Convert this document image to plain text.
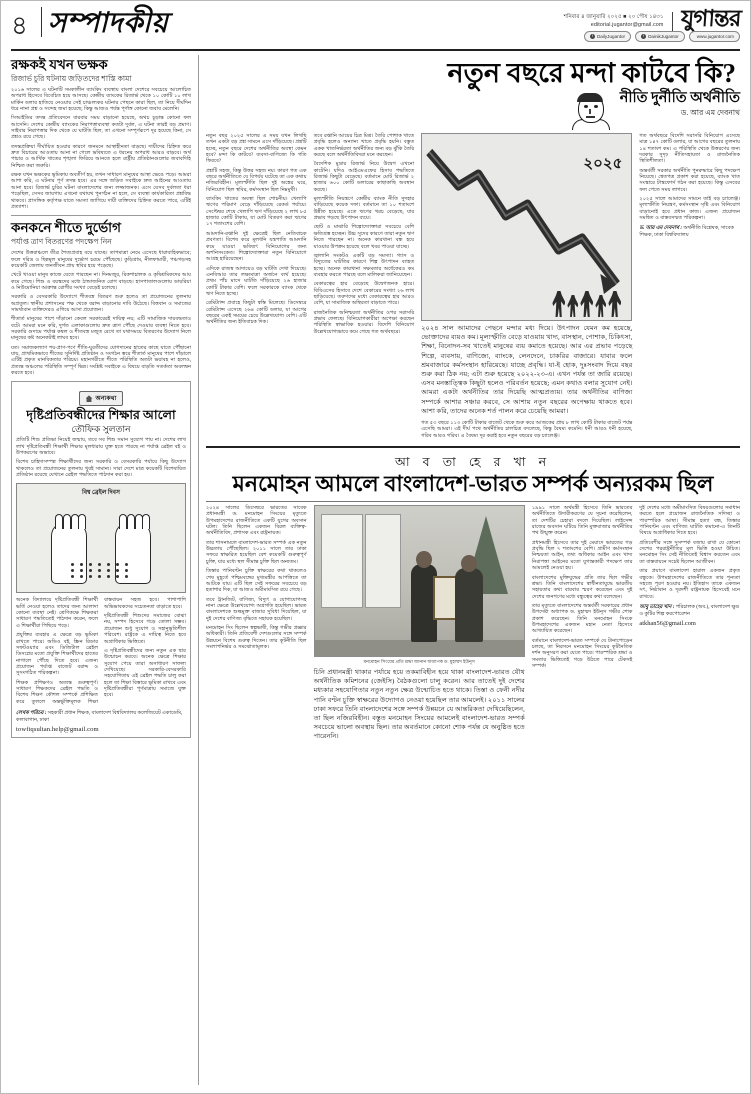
৪ সম্পাদকীয়	শনিবার ৪ জানুয়ারি ২০২৫ ■ ২০ পৌষ ১৪৩১
editorial.jugantor@gmail.com যুগান্তর
f DailyJugantor	f DainikJugantor	www.jugantor.com
রক্ষকই যখন ভক্ষক
রিজার্ভ চুরি ঘটনায় জড়িতদের শাস্তি কামা

২০১৬ সালের এ ঘটনাটি সমকালীন ব্যাংকিং ব্যবস্থায় বাংলা দেশেরে সবচেয়ে আলোচিত অপরাধ হিসেবে বিবেচিত হয়ে আসছে। কেন্দ্রীয় ব্যাংকের রিজার্ভ থেকে ১০ কোটি ১০ লাখ মার্কিন ডলার হাতিয়ে নেওয়ার সেই চাঞ্চল্যকর ঘটনার পেছনে কারা ছিল, তা নিয়ে দীর্ঘদিন ধরে নানা প্রশ্ন ও সন্দেহ জমা হয়েছে; কিন্তু আজও পর্যন্ত পূর্ণাঙ্গ কোনো জবাব মেলেনি।

সিআইডির তদন্ত প্রতিবেদনে বারবার সময় বাড়ানো হয়েছে, অথচ চূড়ান্ত কোনো ফল আসেনি। দেশের কেন্দ্রীয় ব্যাংকের নিরাপত্তাব্যবস্থা কতটা দুর্বল, এ ঘটনা তারই বড় প্রমাণ। সাইবার নিরাপত্তার দিক থেকে যে ঘাটতি ছিল, তা এখনো সম্পূর্ণরূপে দূর হয়েছে কিনা, সে প্রশ্নও রয়ে গেছে।

তদন্তপ্রক্রিয়া দীর্ঘায়িত হওয়ার কারণে জনমনে আস্থাহীনতা বাড়ছে। দায়ীদের চিহ্নিত করে দ্রুত বিচারের আওতায় আনা না গেলে ভবিষ্যতে এ ধরনের অপরাধ আরও বাড়বে। অর্থ পাচার ও আর্থিক খাতের শৃঙ্খলা ফিরিয়ে আনতে হলে রাষ্ট্রীয় প্রতিষ্ঠানগুলোর জবাবদিহি নিশ্চিত করা জরুরি।

রক্ষক যখন ভক্ষকের ভূমিকায় অবতীর্ণ হয়, তখন সাধারণ মানুষের আস্থা ভেঙে পড়ে। আমরা আশা করি, এ ঘটনার পূর্ণ তদন্ত হবে। এর সঙ্গে জড়িত সবাইকে দ্রুত আইনের আওতায় আনা হবে। রিজার্ভ চুরির ঘটনা বাংলাদেশের জন্য লজ্জাজনক। এসে যেসব দুর্বলতা ধরা পড়েছিল, সেসব জায়গায় এখনো যথাযথ পুনর্গঠন না হলে, সে ব্যবস্থা কার্যকারিতা প্রশ্নবিদ্ধ থাকবে। প্রাসঙ্গিক কর্তৃপক্ষ যাতে সমস্যা জাগিয়ে দায়ী ব্যক্তিদের চিহ্নিত করতে পারে, এটিই প্রত্যাশা।

কনকনে শীতে দুর্ভোগ
পর্যাপ্ত ত্রাণ বিতরণের পদক্ষেপ নিন

দেশের উত্তরাঞ্চলে তীব্র শৈত্যপ্রবাহ বয়ে যাচ্ছে। তাপমাত্রা নেমে এসেছে ধারাবাহিকভাবে; ফলে দরিদ্র ও ছিন্নমূল মানুষের দুর্ভোগ চরমে পৌঁছেছে। কুড়িগ্রাম, নীলফামারী, পঞ্চগড়সহ কয়েকটি জেলায় জনজীবন প্রায় স্থবির হয়ে পড়েছে।

খেটে খাওয়া মানুষ কাজে যেতে পারছেন না। দিনমজুর, রিকশাচালক ও কৃষিশ্রমিকদের আয় কমে গেছে। শিশু ও বয়স্কদের মধ্যে ঠান্ডাজনিত রোগ বাড়ছে। হাসপাতালগুলোয় ডায়রিয়া ও নিউমোনিয়া আক্রান্ত রোগীর সংখ্যা বেড়েই চলেছে।

সরকারি ও বেসরকারি উদ্যোগে শীতবস্ত্র বিতরণ শুরু হলেও তা প্রয়োজনের তুলনায় অপ্রতুল। স্থানীয় প্রশাসনের পক্ষ থেকে বরাদ্দ বাড়ানোর দাবি উঠেছে। বিত্তবান ও সমাজের সামর্থ্যবান ব্যক্তিদেরও এগিয়ে আসা প্রয়োজন।

শীতার্ত মানুষের পাশে দাঁড়ানো কেবল সরকারেরই দায়িত্ব নয়; এটি সামাজিক দায়বদ্ধতাও বটে। আমরা মনে করি, দুর্গত এলাকাগুলোয় দ্রুত ত্রাণ পৌঁছে দেওয়ার ব্যবস্থা নিতে হবে। সরকারি গুদামে পর্যাপ্ত কম্বল ও শীতবস্ত্র মজুত রেখে তা যথাসময়ে বিতরণের উদ্যোগ নিলে মানুষের কষ্ট অনেকটাই লাঘব হবে।

যত। সমাজকল্যাণ শয়-প্রাণ-পণে শীতি-ঘুরতীদের যোগদানের হাতের কাছে যাতে পৌঁছানো যায়, প্রাথমিকভাবে শীতের সুনির্দিষ্ট প্রতিষ্ঠান ও সংগঠন স্তরে শীতার্ত মানুষের পাশে দাঁড়ালে এটিই প্রকৃত মানবিকতার পরিচয়। মহানগরীতে শীতে পরিস্থিতি অতটা ভয়াবহ না হলেও, প্রত্যন্ত অঞ্চলের পরিস্থিতি সম্পূর্ণ ভিন্ন। সংশ্লিষ্ট সবাইকে এ বিষয়ে বাড়তি সতর্কতা অবলম্বন করতে হবে।

অন্যকথা
দৃষ্টিপ্রতিবন্ধীদের শিক্ষার আলো
তৌফিক সুলতান

প্রতিটি শিশু প্রতিভা নিয়েই জন্মায়, তবে সব শিশু সমান সুযোগ পায় না। দেশের লাখ লাখ দৃষ্টিপ্রতিবন্ধী শিক্ষার্থী শিক্ষার মূলধারায় যুক্ত হতে পারছে না পর্যাপ্ত ব্রেইল বই ও উপকরণের অভাবে।

বিশেষ চাহিদাসম্পন্ন শিক্ষার্থীদের জন্য সরকারি ও বেসরকারি পর্যায়ে কিছু উদ্যোগ থাকলেও তা প্রয়োজনের তুলনায় খুবই সামান্য। সারা দেশে মাত্র কয়েকটি বিশেষায়িত প্রতিষ্ঠান রয়েছে যেখানে ব্রেইল পদ্ধতিতে পাঠদান করা হয়।

বিশ্ব ব্রেইল দিবস

অনেক বিদ্যালয়ে দৃষ্টিপ্রতিবন্ধী শিক্ষার্থী ভর্তি নেওয়া হলেও তাদের জন্য আলাদা কোনো ব্যবস্থা নেই। শ্রেণিকক্ষে শিক্ষকরা সাধারণ পদ্ধতিতেই পাঠদান করেন, ফলে এ শিক্ষার্থীরা পিছিয়ে পড়ে।

প্রযুক্তির ব্যবহার এ ক্ষেত্রে বড় ভূমিকা রাখতে পারে। অডিও বই, স্ক্রিন রিডার সফটওয়্যার এবং ডিজিটাল ব্রেইল ডিসপ্লের মতো প্রযুক্তি শিক্ষার্থীদের হাতের নাগালে পৌঁছে দিতে হবে। এজন্য প্রয়োজন পর্যাপ্ত বাজেট বরাদ্দ ও সুসংগঠিত পরিকল্পনা।

শিক্ষক প্রশিক্ষণও অত্যন্ত গুরুত্বপূর্ণ। সাধারণ শিক্ষকদের ব্রেইল পদ্ধতি ও বিশেষ শিক্ষণ কৌশল সম্পর্কে প্রশিক্ষিত করে তুললে অন্তর্ভুক্তিমূলক শিক্ষা বাস্তবায়ন সহজ হবে। পাশাপাশি অভিভাবকদের সচেতনতা বাড়াতে হবে।

দৃষ্টিপ্রতিবন্ধী শিশুদের সমাজের বোঝা নয়, সম্পদ হিসেবে গড়ে তোলা সম্ভব। প্রয়োজন শুধু সুযোগ ও সহানুভূতিশীল পরিবেশ। রাষ্ট্রকে এ দায়িত্ব নিতে হবে অগ্রাধিকার ভিত্তিতে।

এ দৃষ্টিপ্রতিবন্ধীদের জন্য নতুন এক দ্বার উন্মোচন করবে। অনেক ক্ষেত্রে শিক্ষার সুযোগ পেয়ে তারা অসাধারণ সাফল্য দেখিয়েছে। সরকারি-বেসরকারি সহযোগিতায় এই ব্রেইল পদ্ধতি চালু করা হলে তা শিক্ষা বিস্তারে ভূমিকা রাখবে এবং দৃষ্টিপ্রতিবন্ধীরা পূর্ণমাত্রায় সমাজে যুক্ত হবে।

লেখক পরিচয় : সহকারী প্রধান শিক্ষক, বাংলাদেশ বিশ্ববিদ্যালয় কলেজিয়েট একাডেমি, কলাবাগান, ঢাকা
towfiqsultan.help@gmail.com
নতুন বছরে মন্দা কাটবে কি?
নীতি দুর্নীতি অর্থনীতি
ড. আর এম দেবনাথ

নতুন বছর ২০২৫ সালের এ সময় যখন লিখছি তখন একটা বড় প্রশ্ন সামনে এসে দাঁড়িয়েছে। প্রশ্নটি হচ্ছে, নতুন বছরে দেশের অর্থনীতির অবস্থা কেমন হবে? মন্দা কি কাটবে? ব্যবসা-বাণিজ্যে কি গতি ফিরবে?

প্রশ্নটি সহজ, কিন্তু উত্তর সহজ নয়। কারণ গত এক বছরে অর্থনীতিতে যে বিপর্যয় ঘটেছে তা এক কথায় নজিরবিহীন। মূল্যস্ফীতি ছিল দুই অঙ্কের ঘরে, বিনিয়োগ ছিল স্থবির, কর্মসংস্থান ছিল নিম্নমুখী।

ব্যাংকিং খাতের অবস্থা ছিল শোচনীয়। খেলাপি ঋণের পরিমাণ বেড়ে দাঁড়িয়েছে রেকর্ড পর্যায়ে। সেপ্টেম্বর শেষে খেলাপি ঋণ দাঁড়িয়েছে ২ লাখ ৮৫ হাজার কোটি টাকায়, যা মোট বিতরণ করা ঋণের ১৭ শতাংশের বেশি।

আমদানি-রপ্তানি দুই ক্ষেত্রেই ছিল নেতিবাচক প্রবণতা। বিশেষ করে মূলধনি যন্ত্রপাতি আমদানি কমে যাওয়া ভবিষ্যৎ বিনিয়োগের জন্য অশনিসংকেত। শিল্পোদ্যোক্তারা নতুন বিনিয়োগে আগ্রহ হারিয়েছেন।

এদিকে রাজস্ব আদায়েও বড় ঘাটতি দেখা দিয়েছে। এনবিআর তার লক্ষ্যমাত্রা অর্জনে ব্যর্থ হয়েছে। প্রথম পাঁচ মাসে ঘাটতি দাঁড়িয়েছে ২৬ হাজার কোটি টাকার বেশি। ফলে সরকারকে ব্যাংক থেকে ঋণ নিতে হচ্ছে।

রেমিট্যান্স প্রবাহে কিছুটা স্বস্তি মিলেছে। ডিসেম্বরে রেমিট্যান্স এসেছে ২৬৪ কোটি ডলার, যা আগের বছরের একই সময়ের চেয়ে উল্লেখযোগ্য বেশি। এটি অর্থনীতির জন্য ইতিবাচক দিক।

তবে রপ্তানি আয়ের চিত্র মিশ্র। তৈরি পোশাক খাতে প্রবৃদ্ধি হলেও অন্যান্য খাতে প্রবৃদ্ধি হয়নি। বস্তুত একক খাতনির্ভরতা অর্থনীতির জন্য বড় ঝুঁকি তৈরি করছে বলে অর্থনীতিবিদরা মনে করছেন।

বৈদেশিক মুদ্রার রিজার্ভ নিয়ে উদ্বেগ এখনো কাটেনি। যদিও আইএমএফের হিসাব পদ্ধতিতে রিজার্ভ কিছুটা বেড়েছে। বর্তমানে মোট রিজার্ভ ২ হাজার ৬০০ কোটি ডলারের কাছাকাছি অবস্থান করছে।

মূল্যস্ফীতি নিয়ন্ত্রণে কেন্দ্রীয় ব্যাংক নীতি সুদহার বাড়িয়েছে কয়েক দফা। বর্তমানে তা ১০ শতাংশে উন্নীত হয়েছে। এতে ঋণের খরচ বেড়েছে, যার প্রভাব পড়ছে উৎপাদন ব্যয়ে।

ছোট ও মাঝারি শিল্পোদ্যোক্তারা সবচেয়ে বেশি ক্ষতিগ্রস্ত হচ্ছেন। উচ্চ সুদের কারণে তারা নতুন ঋণ নিতে পারছেন না। অনেক কারখানা বন্ধ হয়ে যাওয়ার উপক্রম হয়েছে বলে খবর পাওয়া যাচ্ছে।

জ্বালানি সংকটও একটি বড় সমস্যা। গ্যাস ও বিদ্যুতের ঘাটতির কারণে শিল্প উৎপাদন ব্যাহত হচ্ছে। অনেক কারখানা সক্ষমতার অর্ধেকেরও কম ব্যবহার করতে পারছে বলে মালিকরা জানিয়েছেন।

বেকারত্বের হার বেড়েছে উদ্বেগজনক হারে। বিবিএসের হিসাবে দেশে বেকারের সংখ্যা ২৬ লাখ ছাড়িয়েছে। তরুণদের মধ্যে বেকারত্বের হার আরও বেশি, যা সামাজিক অস্থিরতা বাড়াতে পারে।

রাজনৈতিক অনিশ্চয়তা অর্থনীতির ওপর সরাসরি প্রভাব ফেলছে। বিনিয়োগকারীরা অপেক্ষা করছেন পরিস্থিতি স্বাভাবিক হওয়ার। বিদেশি বিনিয়োগ উল্লেখযোগ্যভাবে কমে গেছে গত অর্থবছরে।

২০২৫
২০২৪ সাল আমাদের পেছনে মন্দার মধ্য দিয়ে। উৎপাদন যেমন কম হয়েছে, ভোক্তাদের ব্যয়ও কম। মূল্যস্ফীতি বেড়ে যাওয়ায় খাদ্য, বাসস্থান, পোশাক, চিকিৎসা, শিক্ষা, বিনোদন-সব খাতেই মানুষের ব্যয় কমাতে হয়েছে। আর এর প্রভাব পড়েছে শিল্পে, ব্যবসায়, বাণিজ্যে, ব্যাংকে, লেনদেনে, চাকরির বাজারে। যাবার ফলে শ্রমবাজারে কর্মসংস্থান হারিয়েছে। যাচ্ছে প্রবৃদ্ধি। যা-ই হোক, দুঃসংবাদ দিয়ে বছর শুরু করা ঠিক নয়; এটা শুরু হয়েছে ২০২২-২৩-এ। এখন পর্যন্ত তা জারি রয়েছে। এসব মনস্তাত্ত্বিক কিছুটা হলেও পরিবর্তন হয়েছে; এমন কথাও বলার সুযোগ নেই। আমরা একটা অর্থনীতির তার দিয়েছি আত্মপ্রত্যয়। তার অর্থনীতির বাণিজ্য সম্পর্কে আশার সঞ্চার করবে, সে আশায় নতুন বছরের অপেক্ষায় থাকতে হবে। আশা করি, তাদের অনেক শর্ত পালন করে চেয়েছি আমরা।

গত ৫৩ বছরে ১১৩ কোটি টাকার বাজেট থেকে শুরু করে আজকের প্রায় ৮ লাখ কোটি টাকার বাজেট পর্যন্ত এসেছি আমরা। এই দীর্ঘ পথে অর্থনীতির চালচিত্র বদলেছে, কিন্তু বৈষম্য কমেনি। ধনী আরও ধনী হয়েছে, গরিব আরও গরিব। এ বৈষম্য দূর করাই হবে নতুন বছরের বড় চ্যালেঞ্জ।

গত অর্থবছরে বিদেশি সরাসরি বিনিয়োগ এসেছে মাত্র ১৪৭ কোটি ডলার, যা আগের বছরের তুলনায় ১৪ শতাংশ কম। এ পরিস্থিতি থেকে উত্তরণের জন্য দরকার সুদৃঢ় নীতিসহায়তা ও রাজনৈতিক স্থিতিশীলতা।

অন্তর্বর্তী সরকার অর্থনীতি পুনরুদ্ধারে কিছু পদক্ষেপ নিয়েছে। শ্বেতপত্র প্রকাশ করা হয়েছে, ব্যাংক খাত সংস্কারে টাস্কফোর্স গঠন করা হয়েছে। কিন্তু এসবের ফল পেতে সময় লাগবে।

২০২৫ সালে আমাদের সামনে তাই বড় চ্যালেঞ্জ। মূল্যস্ফীতি নিয়ন্ত্রণ, কর্মসংস্থান সৃষ্টি এবং বিনিয়োগ বাড়ানোই হবে প্রধান কাজ। এজন্য প্রয়োজন সমন্বিত ও বাস্তবসম্মত পরিকল্পনা।

ড. আর এম দেবনাথ : অর্থনীতি বিশ্লেষক, সাবেক শিক্ষক, ঢাকা বিশ্ববিদ্যালয়
আ ব তা হে র খা ন
মনমোহন আমলে বাংলাদেশ-ভারত সম্পর্ক অন্যরকম ছিল

২০২৪ সালের ডিসেম্বরে ভারতের সাবেক প্রধানমন্ত্রী ড. মনমোহন সিংয়ের মৃত্যুতে উপমহাদেশের রাজনীতিতে একটি যুগের অবসান ঘটল। তিনি ছিলেন একজন বিরল ব্যক্তিত্ব-অর্থনীতিবিদ, প্রশাসক এবং রাষ্ট্রনায়ক।

তার শাসনামলে বাংলাদেশ-ভারত সম্পর্ক এক নতুন উচ্চতায় পৌঁছেছিল। ২০১১ সালে তার ঢাকা সফরে স্বাক্ষরিত হয়েছিল বেশ কয়েকটি গুরুত্বপূর্ণ চুক্তি, যার মধ্যে স্থল সীমান্ত চুক্তি ছিল অন্যতম।

তিস্তার পানিবণ্টন চুক্তি স্বাক্ষরের কথা থাকলেও শেষ মুহূর্তে পশ্চিমবঙ্গের মুখ্যমন্ত্রীর আপত্তিতে তা আটকে যায়। এটি ছিল সেই সফরের সবচেয়ে বড় হতাশার দিক, যা আজও অমীমাংসিত রয়ে গেছে।

তবে ট্রানজিট, বাণিজ্য, বিদ্যুৎ ও যোগাযোগসহ নানা ক্ষেত্রে উল্লেখযোগ্য অগ্রগতি হয়েছিল। ভারত বাংলাদেশকে শুল্কমুক্ত বাজার সুবিধা দিয়েছিল, যা দুই দেশের বাণিজ্য বৃদ্ধিতে সহায়ক হয়েছিল।

মনমোহন সিং ছিলেন স্বল্পভাষী, কিন্তু গভীর প্রজ্ঞার অধিকারী। তিনি প্রতিবেশী দেশগুলোর সঙ্গে সম্পর্ক উন্নয়নে বিশেষ গুরুত্ব দিতেন। তার কূটনীতি ছিল সংলাপনির্ভর ও সমঝোতামূলক।

মনমোহন সিংয়ের প্রতি শ্রদ্ধা জানান অধ্যাপক ড. মুহাম্মদ ইউনূস
চিনি প্রধানমন্ত্রী থাকার পর্যায়ে হয়ে তকমাবিহীন হয়ে থাকা বাংলাদেশ-ভারত যৌথ অর্থনীতিক কমিশনের (জেইসি) বৈঠকগুলো চালু করেন। আর তাতেই দুই দেশের মধ্যকার সহযোগিতার নতুন নতুন ক্ষেত্র উন্মোচিত হতে থাকে। তিস্তা ও ফেনী নদীর পানি বণ্টন চুক্তি স্বাক্ষরের উদ্যোগও নেওয়া হয়েছিল তার আমলেই। ২০১১ সালের ঢাকা সফরে তিনি বাংলাদেশের সঙ্গে সম্পর্ক উন্নয়নে যে আন্তরিকতা দেখিয়েছিলেন, তা ছিল নজিরবিহীন। বস্তুত মনমোহন সিংয়ের আমলেই বাংলাদেশ-ভারত সম্পর্ক সবচেয়ে ভালো অবস্থায় ছিল। তার অবর্তমানে কোনো শোক পর্যন্ত যে অনুষ্ঠিত হতে পারেননি।

১৯৯১ সালে অর্থমন্ত্রী হিসেবে তিনি ভারতের অর্থনীতিতে উদারীকরণের যে সূচনা করেছিলেন, তা দেশটির চেহারা বদলে দিয়েছিল। লাইসেন্স রাজের অবসান ঘটিয়ে তিনি মুক্তবাজার অর্থনীতির পথ উন্মুক্ত করেন।

প্রধানমন্ত্রী হিসেবে তার দুই মেয়াদে ভারতের গড় প্রবৃদ্ধি ছিল ৭ শতাংশের বেশি। গ্রামীণ কর্মসংস্থান নিশ্চয়তা আইন, তথ্য অধিকার আইন এবং খাদ্য নিরাপত্তা আইনের মতো যুগান্তকারী পদক্ষেপ তার আমলেই নেওয়া হয়।

বাংলাদেশের মুক্তিযুদ্ধের প্রতি তার ছিল গভীর শ্রদ্ধা। তিনি বাংলাদেশের স্বাধীনতাযুদ্ধে ভারতীয় সহায়তার কথা বারবার স্মরণ করেছেন এবং দুই দেশের জনগণের মধ্যে বন্ধুত্বের কথা বলেছেন।

তার মৃত্যুতে বাংলাদেশের অন্তর্বর্তী সরকারের প্রধান উপদেষ্টা অধ্যাপক ড. মুহাম্মদ ইউনূস গভীর শোক প্রকাশ করেছেন। তিনি মনমোহন সিংকে উপমহাদেশের একজন মহান নেতা হিসেবে আখ্যায়িত করেছেন।

বর্তমানে বাংলাদেশ-ভারত সম্পর্কে যে টানাপোড়েন চলছে, তা নিরসনে মনমোহন সিংয়ের কূটনৈতিক দর্শন অনুসরণ করা যেতে পারে। পারস্পরিক শ্রদ্ধা ও সমতার ভিত্তিতেই গড়ে উঠতে পারে টেকসই সম্পর্ক।

দুই দেশের মধ্যে অমীমাংসিত বিষয়গুলোর সমাধান করতে হলে প্রয়োজন রাজনৈতিক সদিচ্ছা ও পারস্পরিক আস্থা। সীমান্ত হত্যা বন্ধ, তিস্তার পানিবণ্টন এবং বাণিজ্য ঘাটতি কমানো-এ তিনটি বিষয়ে অগ্রাধিকার দিতে হবে।

প্রতিবেশীর সঙ্গে সুসম্পর্ক বজায় রাখা যে কোনো দেশের পররাষ্ট্রনীতির মূল ভিত্তি হওয়া উচিত। মনমোহন সিং সেই নীতিতেই বিশ্বাস করতেন এবং তা বাস্তবায়নে সচেষ্ট ছিলেন আজীবন।

তার প্রয়াণে বাংলাদেশ হারাল একজন প্রকৃত বন্ধুকে। উপমহাদেশের রাজনীতিতে তার শূন্যতা সহজে পূরণ হওয়ার নয়। ইতিহাস তাকে একজন সৎ, নিষ্ঠাবান ও দূরদর্শী রাষ্ট্রনায়ক হিসেবেই মনে রাখবে।

আবু তাহের খান : পরিচালক (অব.), বাংলাদেশ ক্ষুদ্র ও কুটির শিল্প করপোরেশন
atkhan56@gmail.com
